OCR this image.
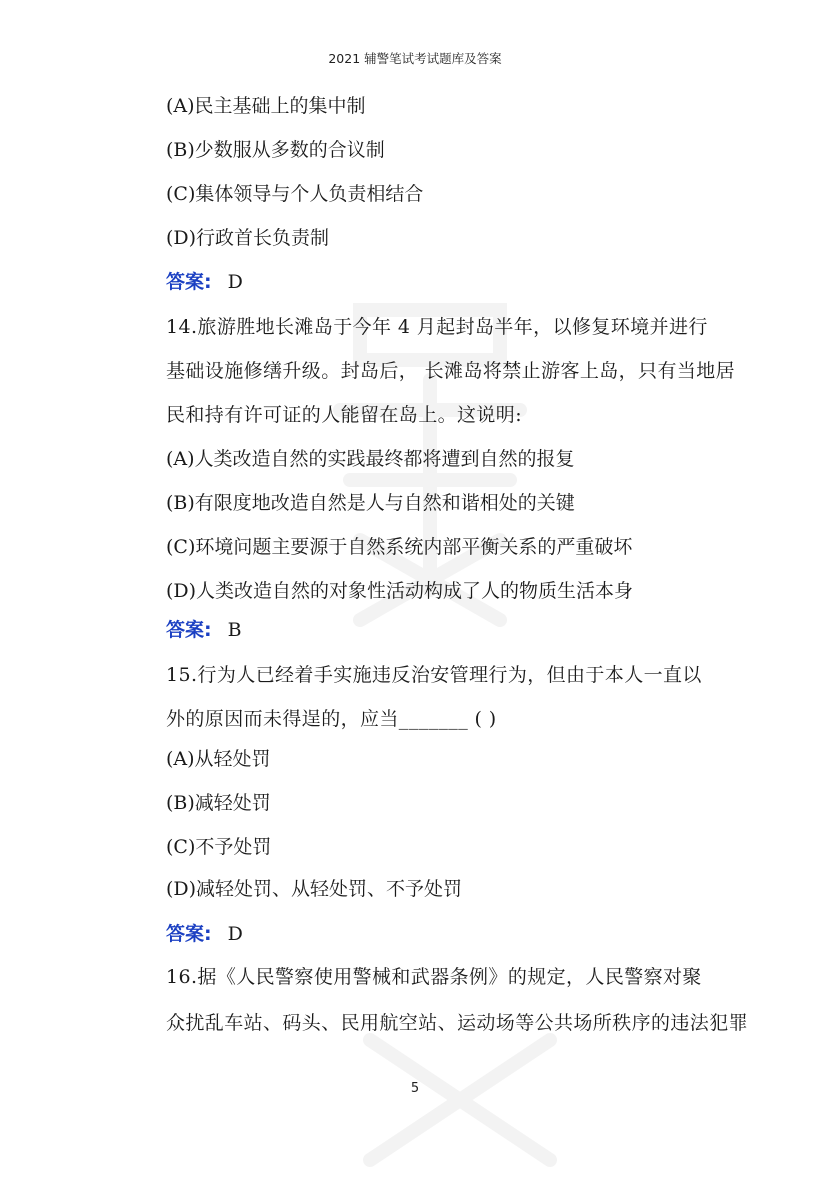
2021 辅警笔试考试题库及答案
(A)民主基础上的集中制
(B)少数服从多数的合议制
(C)集体领导与个人负责相结合
(D)行政首长负责制
答案: D
14.旅游胜地长滩岛于今年 4 月起封岛半年，以修复环境并进行
基础设施修缮升级。封岛后， 长滩岛将禁止游客上岛，只有当地居
民和持有许可证的人能留在岛上。这说明:
(A)人类改造自然的实践最终都将遭到自然的报复
(B)有限度地改造自然是人与自然和谐相处的关键
(C)环境问题主要源于自然系统内部平衡关系的严重破坏
(D)人类改造自然的对象性活动构成了人的物质生活本身
答案: B
15.行为人已经着手实施违反治安管理行为，但由于本人一直以
外的原因而未得逞的，应当_______ ( )
(A)从轻处罚
(B)减轻处罚
(C)不予处罚
(D)减轻处罚、从轻处罚、不予处罚
答案: D
16.据《人民警察使用警械和武器条例》的规定，人民警察对聚
众扰乱车站、码头、民用航空站、运动场等公共场所秩序的违法犯罪
5
